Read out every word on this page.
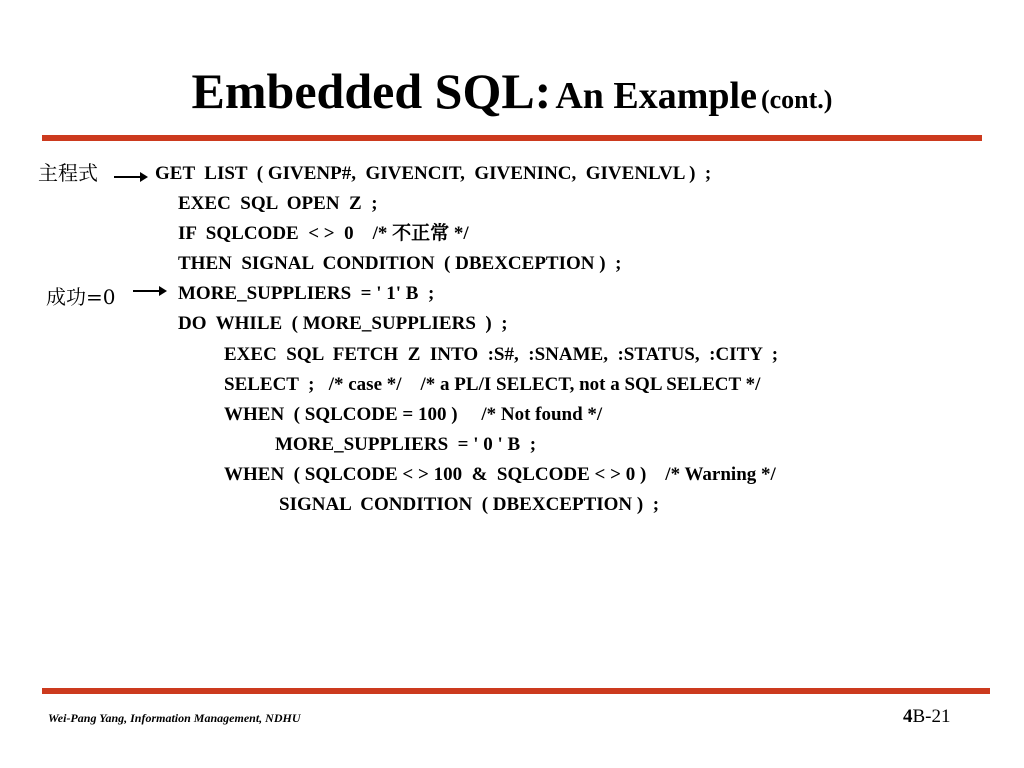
Embedded SQL: An Example (cont.)
主程式
成功=0
GET  LIST  ( GIVENP#,  GIVENCIT,  GIVENINC,  GIVENLVL )  ;
EXEC  SQL  OPEN  Z  ;
IF  SQLCODE  < >  0    /* 不正常 */
THEN  SIGNAL  CONDITION  ( DBEXCEPTION )  ;
MORE_SUPPLIERS  = ' 1' B  ;
DO  WHILE  ( MORE_SUPPLIERS  )  ;
EXEC  SQL  FETCH  Z  INTO  :S#,  :SNAME,  :STATUS,  :CITY  ;
SELECT  ;   /* case */    /* a PL/I SELECT, not a SQL SELECT */
WHEN  ( SQLCODE = 100 )     /* Not found */
MORE_SUPPLIERS  = ' 0 ' B  ;
WHEN  ( SQLCODE < > 100  &  SQLCODE < > 0 )    /* Warning */
SIGNAL  CONDITION  ( DBEXCEPTION )  ;
Wei-Pang Yang, Information Management, NDHU	4B-21
